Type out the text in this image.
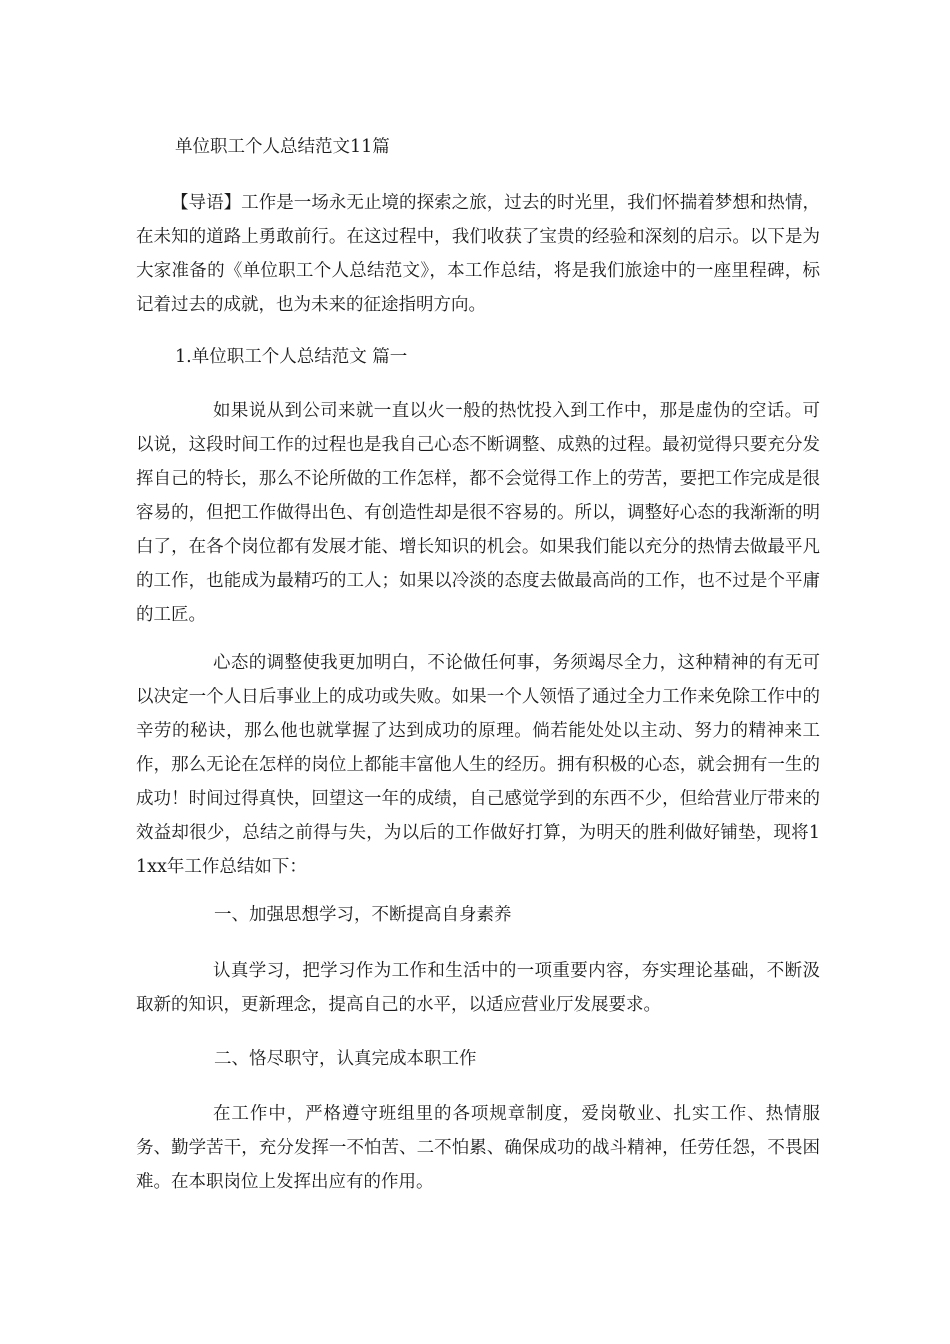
单位职工个人总结范文11篇

【导语】工作是一场永无止境的探索之旅，过去的时光里，我们怀揣着梦想和热情，在未知的道路上勇敢前行。在这过程中，我们收获了宝贵的经验和深刻的启示。以下是为大家准备的《单位职工个人总结范文》，本工作总结，将是我们旅途中的一座里程碑，标记着过去的成就，也为未来的征途指明方向。

1.单位职工个人总结范文 篇一

如果说从到公司来就一直以火一般的热忱投入到工作中，那是虚伪的空话。可以说，这段时间工作的过程也是我自己心态不断调整、成熟的过程。最初觉得只要充分发挥自己的特长，那么不论所做的工作怎样，都不会觉得工作上的劳苦，要把工作完成是很容易的，但把工作做得出色、有创造性却是很不容易的。所以，调整好心态的我渐渐的明白了，在各个岗位都有发展才能、增长知识的机会。如果我们能以充分的热情去做最平凡的工作，也能成为最精巧的工人；如果以冷淡的态度去做最高尚的工作，也不过是个平庸的工匠。

心态的调整使我更加明白，不论做任何事，务须竭尽全力，这种精神的有无可以决定一个人日后事业上的成功或失败。如果一个人领悟了通过全力工作来免除工作中的辛劳的秘诀，那么他也就掌握了达到成功的原理。倘若能处处以主动、努力的精神来工作，那么无论在怎样的岗位上都能丰富他人生的经历。拥有积极的心态，就会拥有一生的成功！时间过得真快，回望这一年的成绩，自己感觉学到的东西不少，但给营业厅带来的效益却很少，总结之前得与失，为以后的工作做好打算，为明天的胜利做好铺垫，现将11xx年工作总结如下：

一、加强思想学习，不断提高自身素养

认真学习，把学习作为工作和生活中的一项重要内容，夯实理论基础，不断汲取新的知识，更新理念，提高自己的水平，以适应营业厅发展要求。

二、恪尽职守，认真完成本职工作

在工作中，严格遵守班组里的各项规章制度，爱岗敬业、扎实工作、热情服务、勤学苦干，充分发挥一不怕苦、二不怕累、确保成功的战斗精神，任劳任怨，不畏困难。在本职岗位上发挥出应有的作用。
